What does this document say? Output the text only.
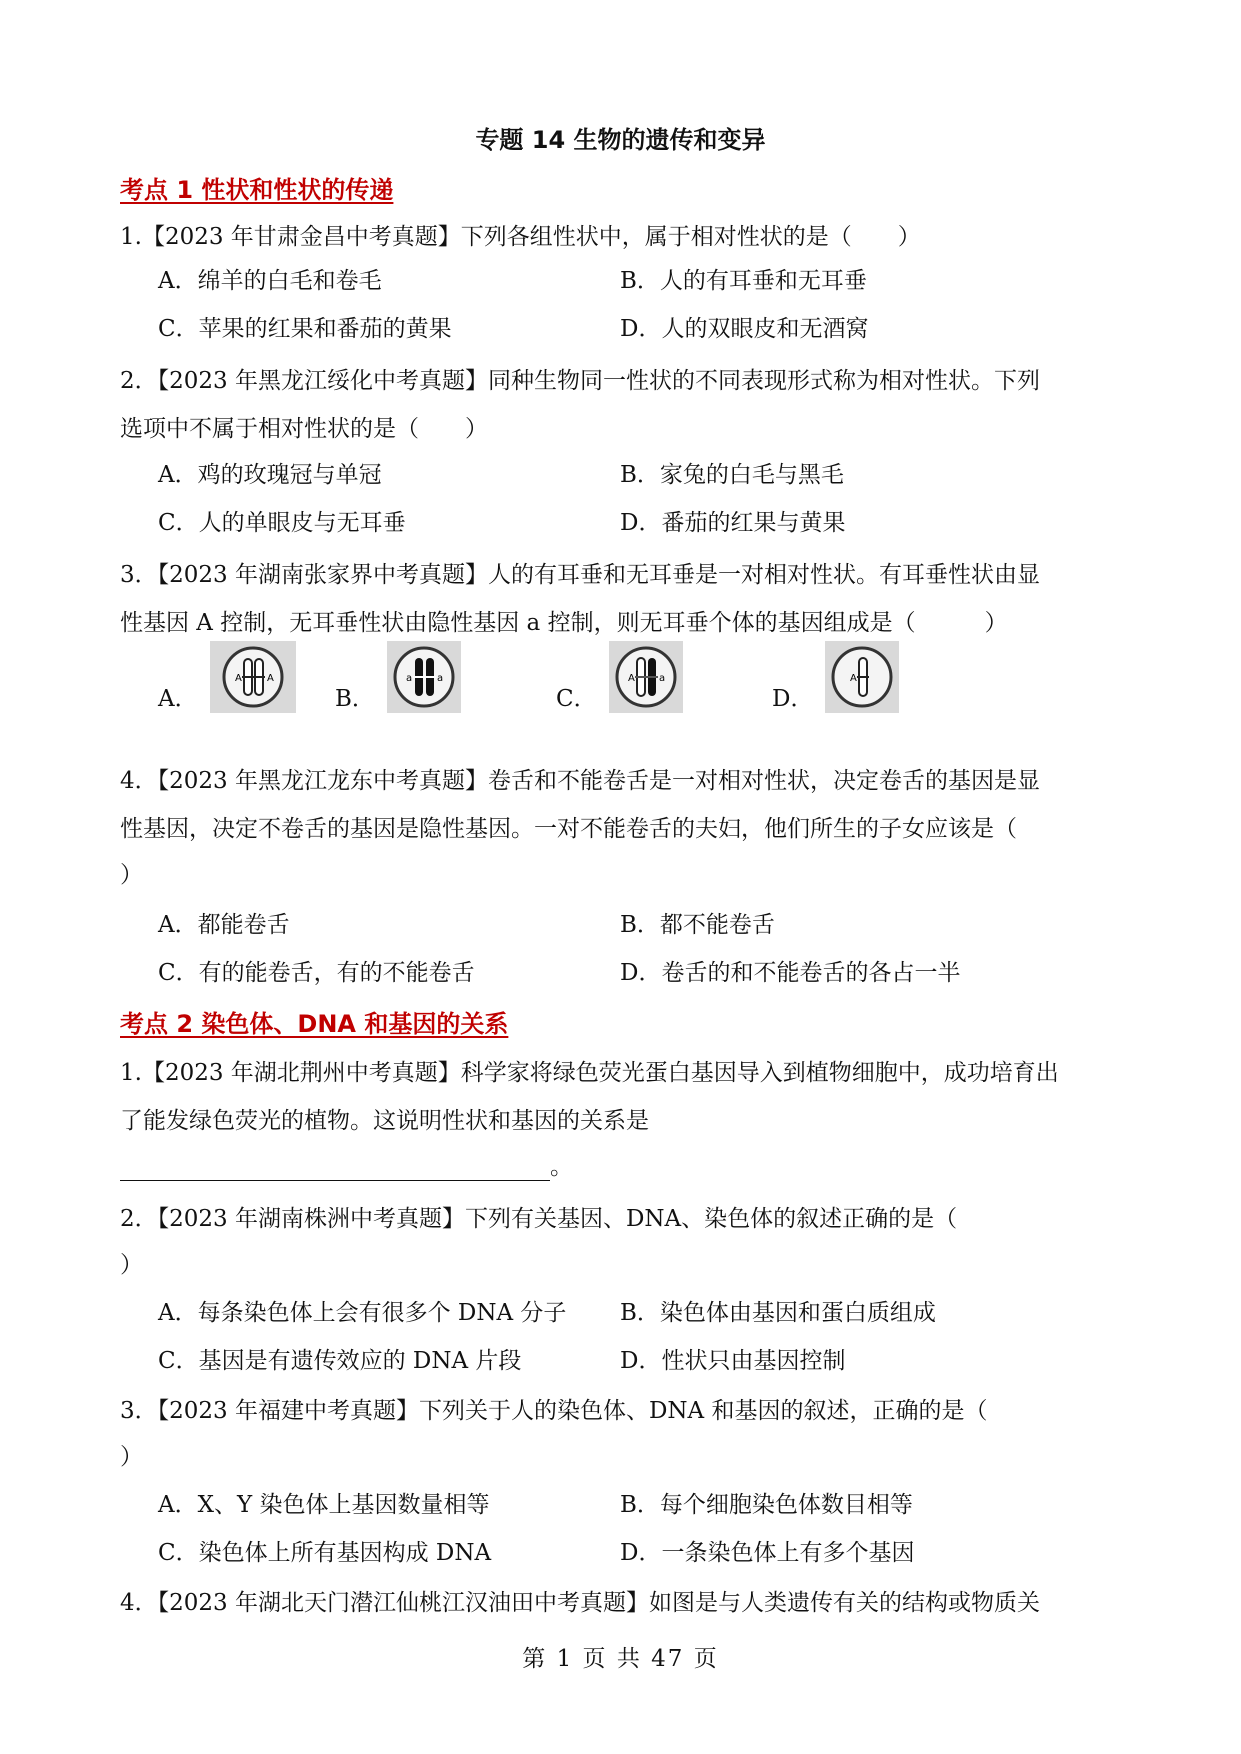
专题 14 生物的遗传和变异
考点 1 性状和性状的传递
1.【2023 年甘肃金昌中考真题】下列各组性状中，属于相对性状的是（　　）
A．绵羊的白毛和卷毛	B．人的有耳垂和无耳垂
C．苹果的红果和番茄的黄果	D．人的双眼皮和无酒窝
2．【2023 年黑龙江绥化中考真题】同种生物同一性状的不同表现形式称为相对性状。下列
选项中不属于相对性状的是（　　）
A．鸡的玫瑰冠与单冠	B．家兔的白毛与黑毛
C．人的单眼皮与无耳垂	D．番茄的红果与黄果
3．【2023 年湖南张家界中考真题】人的有耳垂和无耳垂是一对相对性状。有耳垂性状由显
性基因 A 控制，无耳垂性状由隐性基因 a 控制，则无耳垂个体的基因组成是（　　　）
A．
A	A
B．
a a
C．
A a
D．
A
4．【2023 年黑龙江龙东中考真题】卷舌和不能卷舌是一对相对性状，决定卷舌的基因是显
性基因，决定不卷舌的基因是隐性基因。一对不能卷舌的夫妇，他们所生的子女应该是（
）
A．都能卷舌	B．都不能卷舌
C．有的能卷舌，有的不能卷舌	D．卷舌的和不能卷舌的各占一半
考点 2 染色体、DNA 和基因的关系
1.【2023 年湖北荆州中考真题】科学家将绿色荧光蛋白基因导入到植物细胞中，成功培育出
了能发绿色荧光的植物。这说明性状和基因的关系是
。
2．【2023 年湖南株洲中考真题】下列有关基因、DNA、染色体的叙述正确的是（
）
A．每条染色体上会有很多个 DNA 分子 B．染色体由基因和蛋白质组成
C．基因是有遗传效应的 DNA 片段	D．性状只由基因控制
3．【2023 年福建中考真题】下列关于人的染色体、DNA 和基因的叙述，正确的是（
）
A．X、Y 染色体上基因数量相等	B．每个细胞染色体数目相等
C．染色体上所有基因构成 DNA	D．一条染色体上有多个基因
4．【2023 年湖北天门潜江仙桃江汉油田中考真题】如图是与人类遗传有关的结构或物质关
第 1 页 共 47 页
